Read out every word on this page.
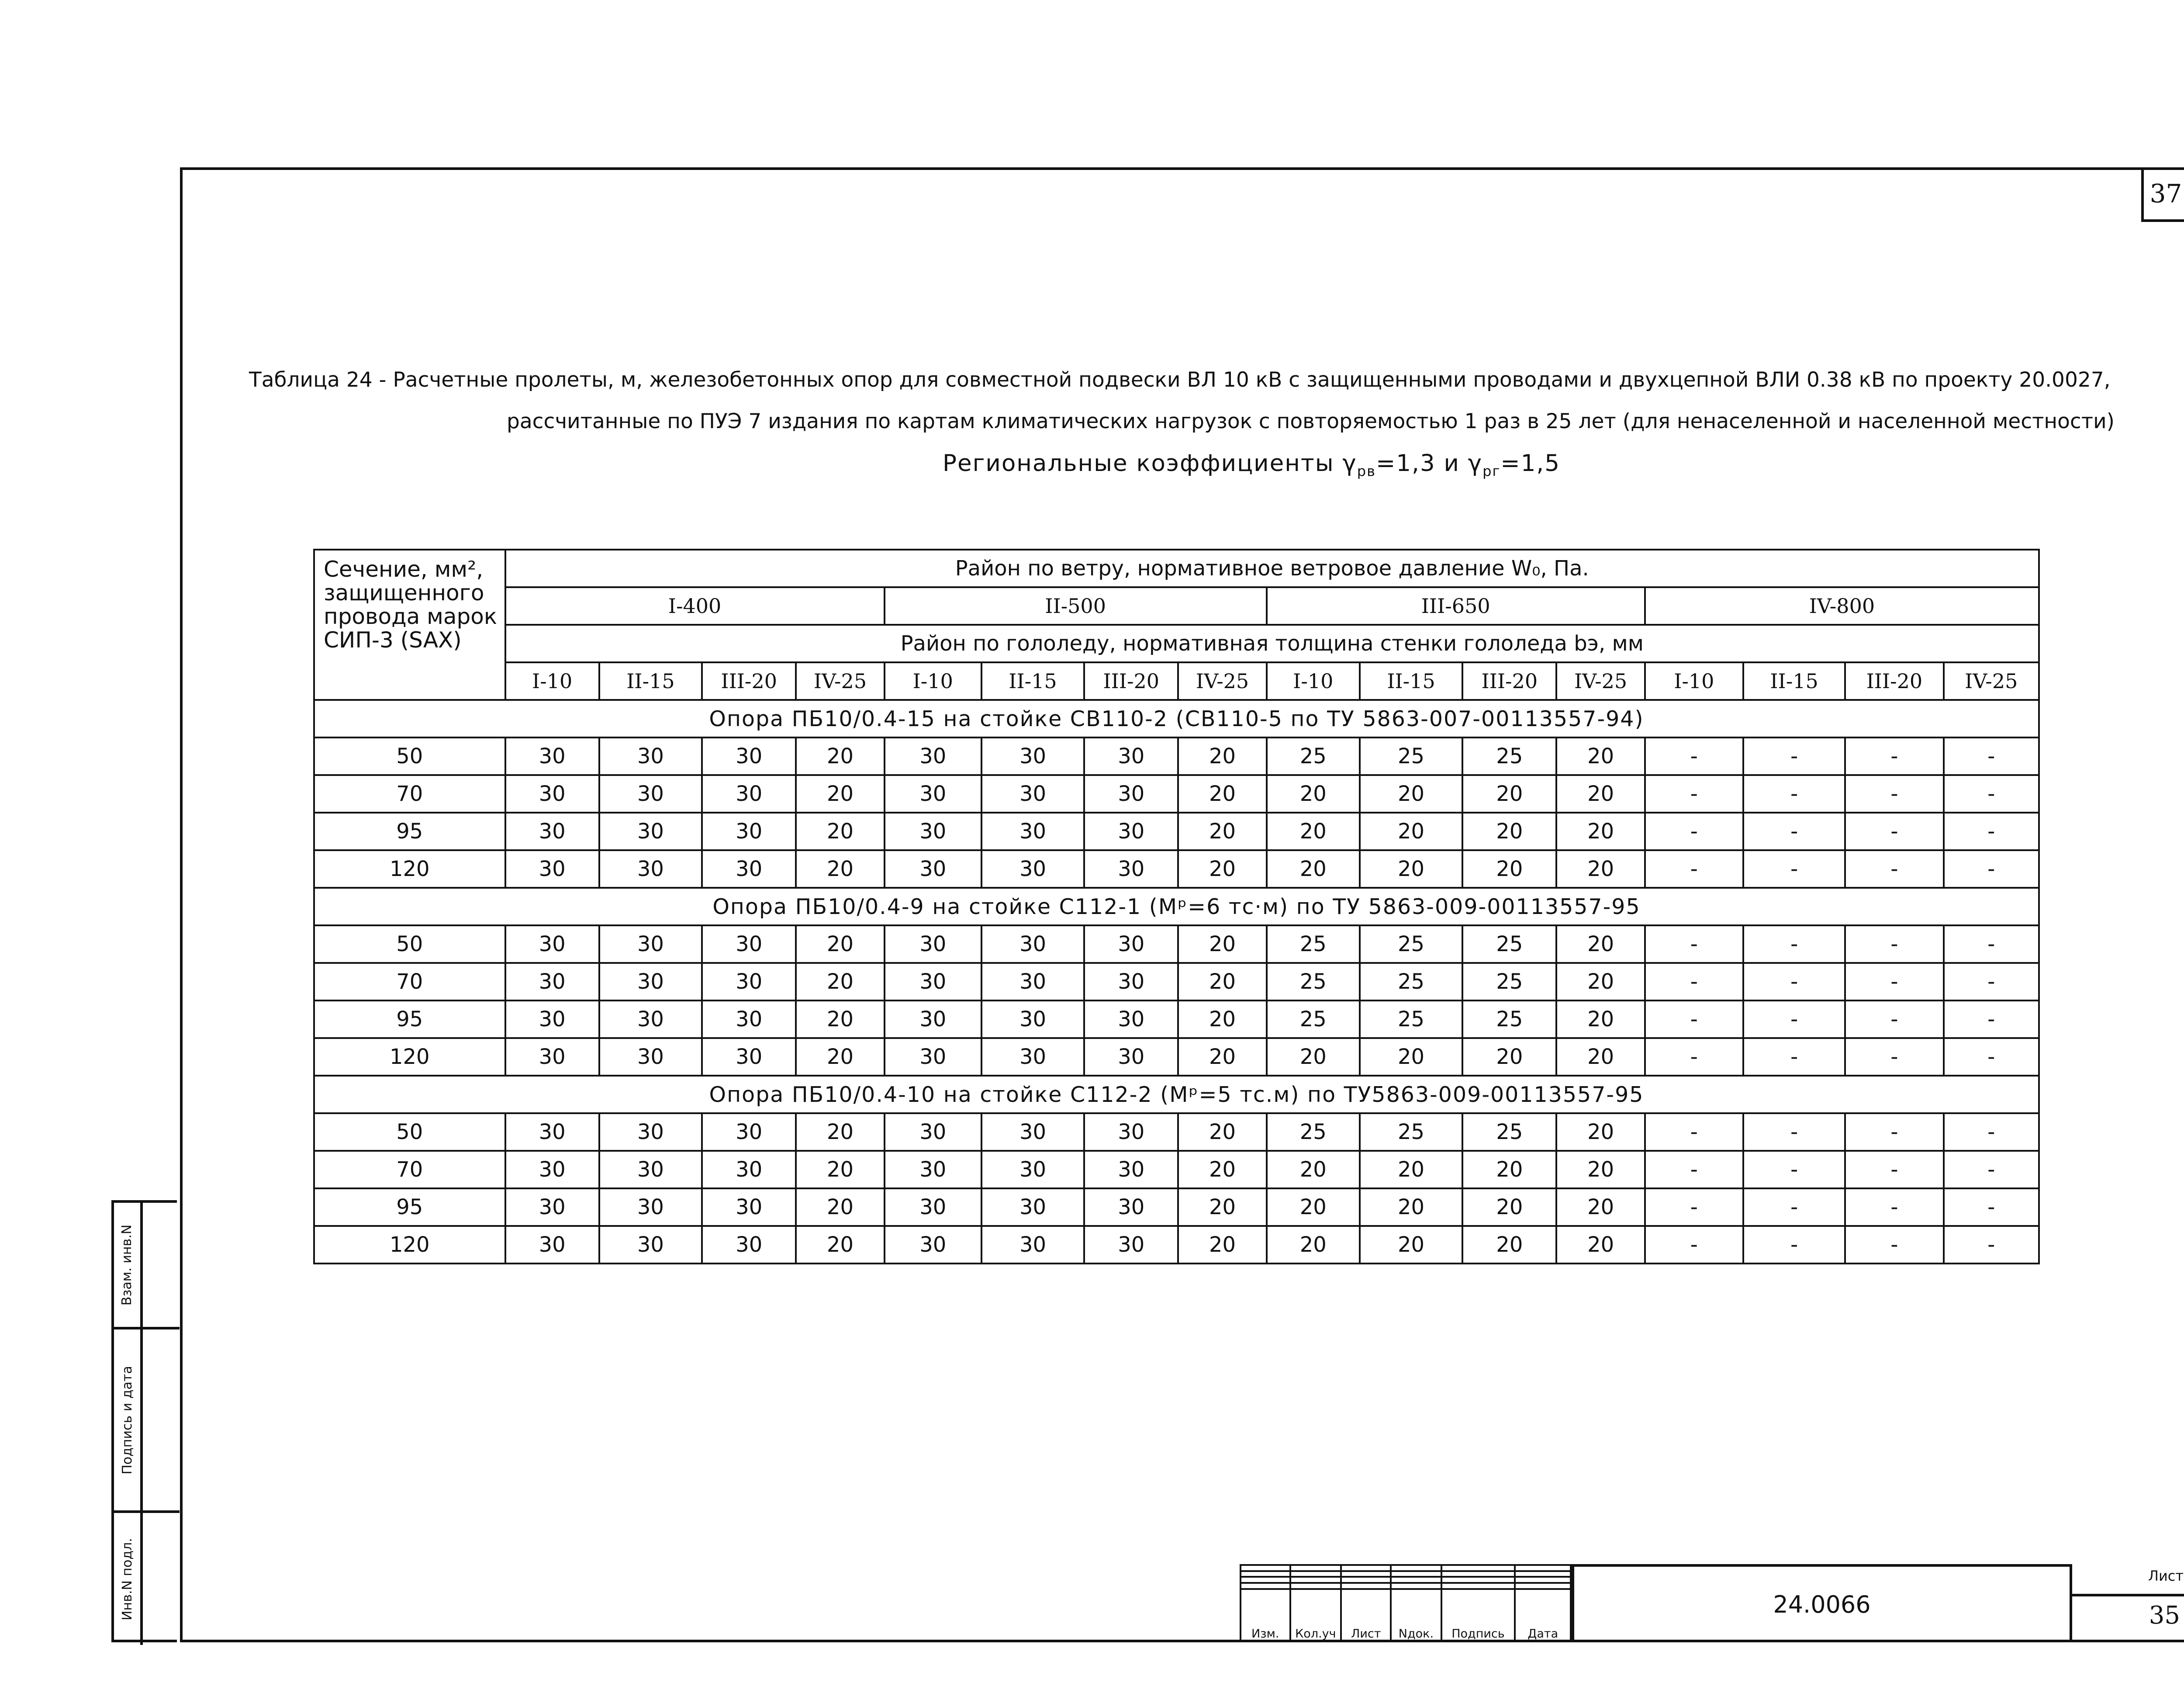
37
Таблица 24 - Расчетные пролеты, м, железобетонных опор для совместной подвески ВЛ 10 кВ с защищенными проводами и двухцепной ВЛИ 0.38 кВ по проекту 20.0027,
рассчитанные по ПУЭ 7 издания по картам климатических нагрузок с повторяемостью 1 раз в 25 лет (для ненаселенной и населенной местности)
Региональные коэффициенты $\gamma_{рв}=1,3$ и $\gamma_{рг}=1,5$
Сечение, мм², защищенного провода марок СИП-3 (SAX)	Район по ветру, нормативное ветровое давление W₀, Па.															
	I-400				II-500				III-650				IV-800			
	Район по гололеду, нормативная толщина стенки гололеда bэ, мм															
	I-10	II-15	III-20	IV-25	I-10	II-15	III-20	IV-25	I-10	II-15	III-20	IV-25	I-10	II-15	III-20	IV-25
Опора ПБ10/0.4-15 на стойке СВ110-2 (СВ110-5 по ТУ 5863-007-00113557-94)																
50	30	30	30	20	30	30	30	20	25	25	25	20	-	-	-	-
70	30	30	30	20	30	30	30	20	20	20	20	20	-	-	-	-
95	30	30	30	20	30	30	30	20	20	20	20	20	-	-	-	-
120	30	30	30	20	30	30	30	20	20	20	20	20	-	-	-	-
Опора ПБ10/0.4-9 на стойке С112-1 (Мᵖ=6 тс·м) по ТУ 5863-009-00113557-95																
50	30	30	30	20	30	30	30	20	25	25	25	20	-	-	-	-
70	30	30	30	20	30	30	30	20	25	25	25	20	-	-	-	-
95	30	30	30	20	30	30	30	20	25	25	25	20	-	-	-	-
120	30	30	30	20	30	30	30	20	20	20	20	20	-	-	-	-
Опора ПБ10/0.4-10 на стойке С112-2 (Мᵖ=5 тс.м) по ТУ5863-009-00113557-95																
50	30	30	30	20	30	30	30	20	25	25	25	20	-	-	-	-
70	30	30	30	20	30	30	30	20	20	20	20	20	-	-	-	-
95	30	30	30	20	30	30	30	20	20	20	20	20	-	-	-	-
120	30	30	30	20	30	30	30	20	20	20	20	20	-	-	-	-
Взам. инв.N
Подпись и дата
Инв.N подл.

Изм.	Кол.уч	Лист	Nдок.	Подпись	Дата
24.0066
Лист
35
